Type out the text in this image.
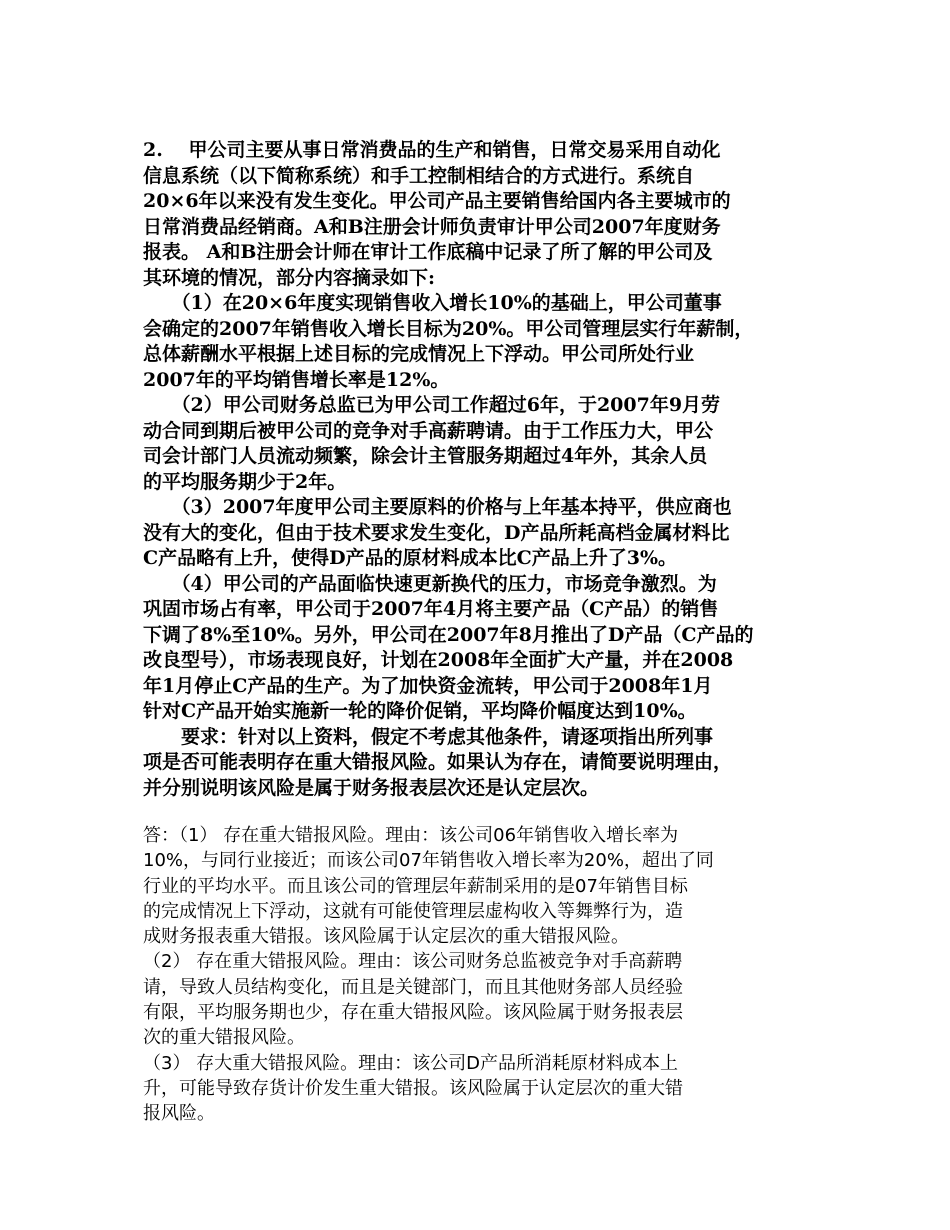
2.　 甲公司主要从事日常消费品的生产和销售，日常交易采用自动化
信息系统（以下简称系统）和手工控制相结合的方式进行。系统自
20×6年以来没有发生变化。甲公司产品主要销售给国内各主要城市的
日常消费品经销商。A和B注册会计师负责审计甲公司2007年度财务
报表。 A和B注册会计师在审计工作底稿中记录了所了解的甲公司及
其环境的情况，部分内容摘录如下:
　　（1）在20×6年度实现销售收入增长10%的基础上，甲公司董事
会确定的2007年销售收入增长目标为20%。甲公司管理层实行年薪制，
总体薪酬水平根据上述目标的完成情况上下浮动。甲公司所处行业
2007年的平均销售增长率是12%。
　　（2）甲公司财务总监已为甲公司工作超过6年，于2007年9月劳
动合同到期后被甲公司的竞争对手高薪聘请。由于工作压力大，甲公
司会计部门人员流动频繁，除会计主管服务期超过4年外，其余人员
的平均服务期少于2年。
　　（3）2007年度甲公司主要原料的价格与上年基本持平，供应商也
没有大的变化，但由于技术要求发生变化，D产品所耗高档金属材料比
C产品略有上升，使得D产品的原材料成本比C产品上升了3%。
　　（4）甲公司的产品面临快速更新换代的压力，市场竞争激烈。为
巩固市场占有率，甲公司于2007年4月将主要产品（C产品）的销售
下调了8%至10%。另外，甲公司在2007年8月推出了D产品（C产品的
改良型号），市场表现良好，计划在2008年全面扩大产量，并在2008
年1月停止C产品的生产。为了加快资金流转，甲公司于2008年1月
针对C产品开始实施新一轮的降价促销，平均降价幅度达到10%。
　　要求：针对以上资料，假定不考虑其他条件，请逐项指出所列事
项是否可能表明存在重大错报风险。如果认为存在，请简要说明理由，
并分别说明该风险是属于财务报表层次还是认定层次。
答：（1） 存在重大错报风险。理由：该公司06年销售收入增长率为
10%，与同行业接近；而该公司07年销售收入增长率为20%，超出了同
行业的平均水平。而且该公司的管理层年薪制采用的是07年销售目标
的完成情况上下浮动，这就有可能使管理层虚构收入等舞弊行为，造
成财务报表重大错报。该风险属于认定层次的重大错报风险。
（2） 存在重大错报风险。理由：该公司财务总监被竞争对手高薪聘
请，导致人员结构变化，而且是关键部门，而且其他财务部人员经验
有限，平均服务期也少，存在重大错报风险。该风险属于财务报表层
次的重大错报风险。
（3） 存大重大错报风险。理由：该公司D产品所消耗原材料成本上
升，可能导致存货计价发生重大错报。该风险属于认定层次的重大错
报风险。
